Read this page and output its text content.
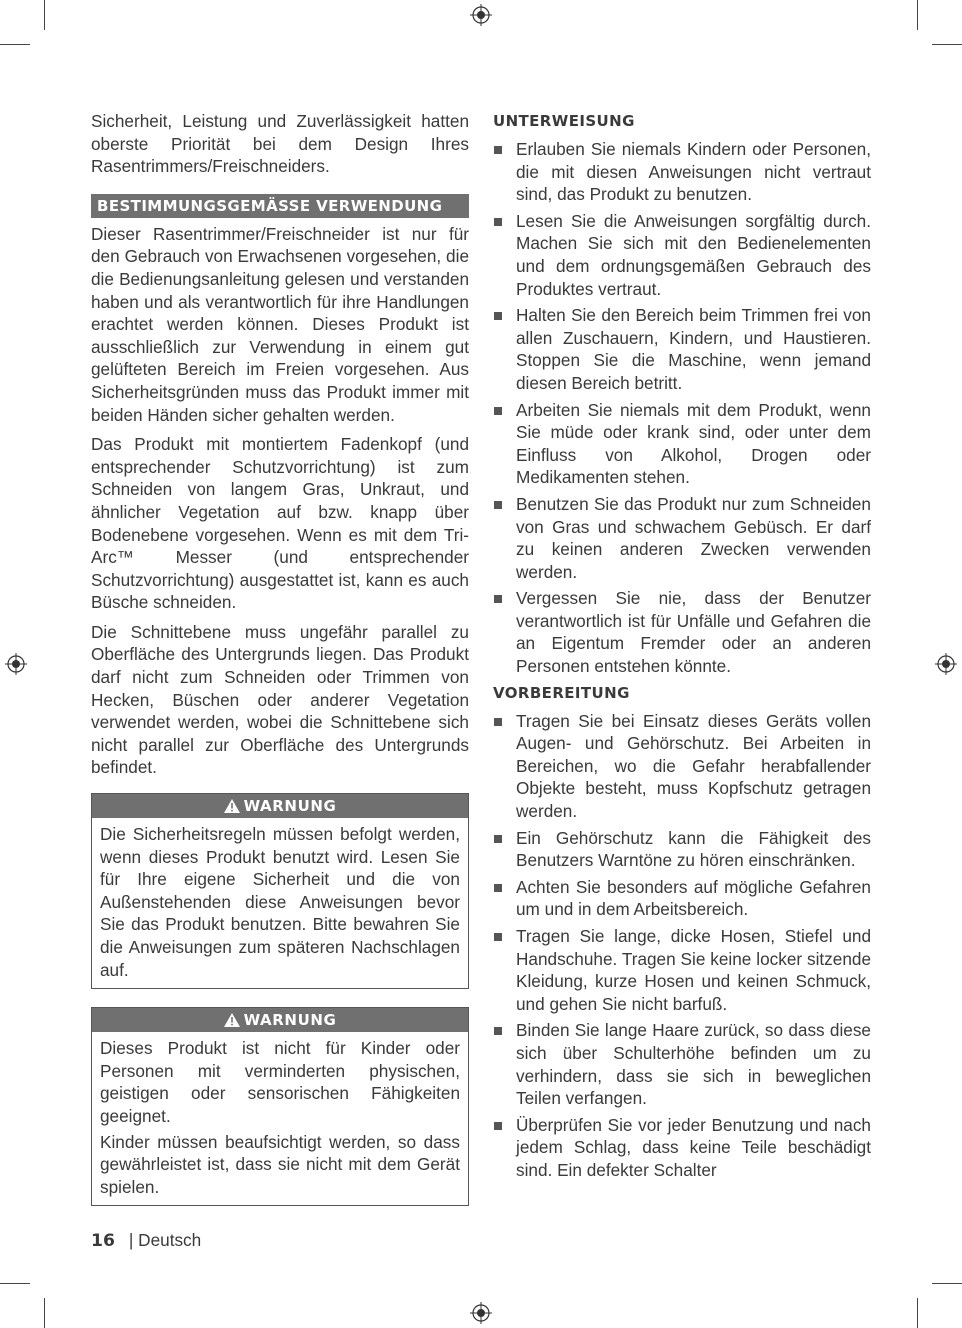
Sicherheit, Leistung und Zuverlässigkeit hatten oberste Priorität bei dem Design Ihres Rasentrimmers/Freischneiders.

BESTIMMUNGSGEMÄSSE VERWENDUNG

Dieser Rasentrimmer/Freischneider ist nur für den Gebrauch von Erwachsenen vorgesehen, die die Bedienungsanleitung gelesen und verstanden haben und als verantwortlich für ihre Handlungen erachtet werden können. Dieses Produkt ist ausschließlich zur Verwendung in einem gut gelüfteten Bereich im Freien vorgesehen. Aus Sicherheitsgründen muss das Produkt immer mit beiden Händen sicher gehalten werden.

Das Produkt mit montiertem Fadenkopf (und entsprechender Schutzvorrichtung) ist zum Schneiden von langem Gras, Unkraut, und ähnlicher Vegetation auf bzw. knapp über Bodenebene vorgesehen. Wenn es mit dem Tri-Arc™ Messer (und entsprechender Schutzvorrichtung) ausgestattet ist, kann es auch Büsche schneiden.

Die Schnittebene muss ungefähr parallel zu Oberfläche des Untergrunds liegen. Das Produkt darf nicht zum Schneiden oder Trimmen von Hecken, Büschen oder anderer Vegetation verwendet werden, wobei die Schnittebene sich nicht parallel zur Oberfläche des Untergrunds befindet.

WARNUNG

Die Sicherheitsregeln müssen befolgt werden, wenn dieses Produkt benutzt wird. Lesen Sie für Ihre eigene Sicherheit und die von Außenstehenden diese Anweisungen bevor Sie das Produkt benutzen. Bitte bewahren Sie die Anweisungen zum späteren Nachschlagen auf.

WARNUNG

Dieses Produkt ist nicht für Kinder oder Personen mit verminderten physischen, geistigen oder sensorischen Fähigkeiten geeignet.

Kinder müssen beaufsichtigt werden, so dass gewährleistet ist, dass sie nicht mit dem Gerät spielen.

UNTERWEISUNG

Erlauben Sie niemals Kindern oder Personen, die mit diesen Anweisungen nicht vertraut sind, das Produkt zu benutzen.

Lesen Sie die Anweisungen sorgfältig durch. Machen Sie sich mit den Bedienelementen und dem ordnungsgemäßen Gebrauch des Produktes vertraut.

Halten Sie den Bereich beim Trimmen frei von allen Zuschauern, Kindern, und Haustieren. Stoppen Sie die Maschine, wenn jemand diesen Bereich betritt.

Arbeiten Sie niemals mit dem Produkt, wenn Sie müde oder krank sind, oder unter dem Einfluss von Alkohol, Drogen oder Medikamenten stehen.

Benutzen Sie das Produkt nur zum Schneiden von Gras und schwachem Gebüsch. Er darf zu keinen anderen Zwecken verwenden werden.

Vergessen Sie nie, dass der Benutzer verantwortlich ist für Unfälle und Gefahren die an Eigentum Fremder oder an anderen Personen entstehen könnte.

VORBEREITUNG

Tragen Sie bei Einsatz dieses Geräts vollen Augen- und Gehörschutz. Bei Arbeiten in Bereichen, wo die Gefahr herabfallender Objekte besteht, muss Kopfschutz getragen werden.

Ein Gehörschutz kann die Fähigkeit des Benutzers Warntöne zu hören einschränken.

Achten Sie besonders auf mögliche Gefahren um und in dem Arbeitsbereich.

Tragen Sie lange, dicke Hosen, Stiefel und Handschuhe. Tragen Sie keine locker sitzende Kleidung, kurze Hosen und keinen Schmuck, und gehen Sie nicht barfuß.

Binden Sie lange Haare zurück, so dass diese sich über Schulterhöhe befinden um zu verhindern, dass sie sich in beweglichen Teilen verfangen.

Überprüfen Sie vor jeder Benutzung und nach jedem Schlag, dass keine Teile beschädigt sind. Ein defekter Schalter

16 | Deutsch
